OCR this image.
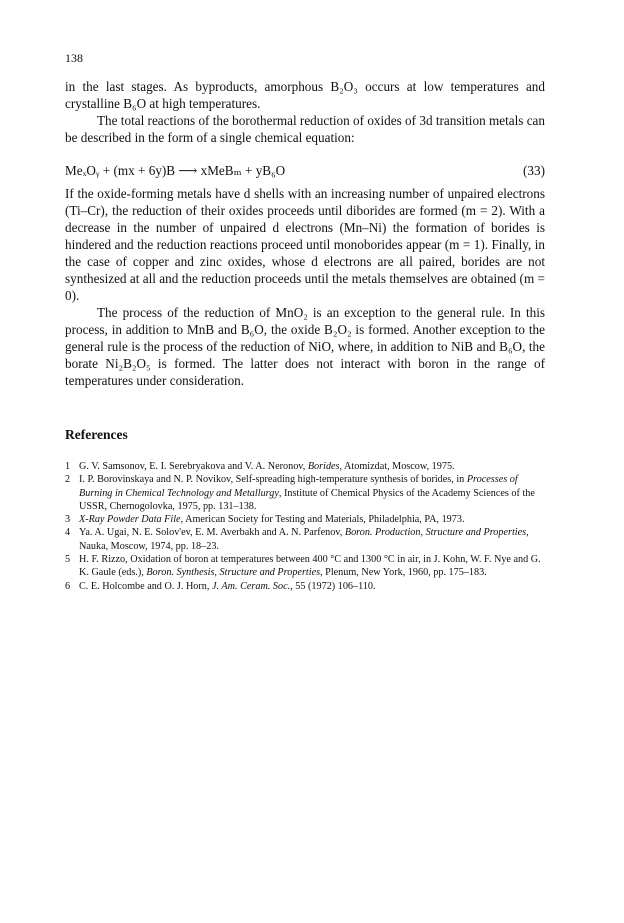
138

in the last stages. As byproducts, amorphous B₂O₃ occurs at low temperatures and crystalline B₆O at high temperatures.

The total reactions of the borothermal reduction of oxides of 3d transition metals can be described in the form of a single chemical equation:

MeₓOᵧ + (mx + 6y)B ⟶ xMeBₘ + yB₆O	(33)

If the oxide-forming metals have d shells with an increasing number of unpaired electrons (Ti–Cr), the reduction of their oxides proceeds until diborides are formed (m = 2). With a decrease in the number of unpaired d electrons (Mn–Ni) the formation of borides is hindered and the reduction reactions proceed until monoborides appear (m = 1). Finally, in the case of copper and zinc oxides, whose d electrons are all paired, borides are not synthesized at all and the reduction proceeds until the metals themselves are obtained (m = 0).

The process of the reduction of MnO₂ is an exception to the general rule. In this process, in addition to MnB and B₆O, the oxide B₂O₂ is formed. Another exception to the general rule is the process of the reduction of NiO, where, in addition to NiB and B₆O, the borate Ni₂B₂O₅ is formed. The latter does not interact with boron in the range of temperatures under consideration.

References
1 G. V. Samsonov, E. I. Serebryakova and V. A. Neronov, Borides, Atomizdat, Moscow, 1975.
2 I. P. Borovinskaya and N. P. Novikov, Self-spreading high-temperature synthesis of borides, in Processes of Burning in Chemical Technology and Metallurgy, Institute of Chemical Physics of the Academy Sciences of the USSR, Chernogolovka, 1975, pp. 131–138.
3 X-Ray Powder Data File, American Society for Testing and Materials, Philadelphia, PA, 1973.
4 Ya. A. Ugai, N. E. Solov'ev, E. M. Averbakh and A. N. Parfenov, Boron. Production, Structure and Properties, Nauka, Moscow, 1974, pp. 18–23.
5 H. F. Rizzo, Oxidation of boron at temperatures between 400 °C and 1300 °C in air, in J. Kohn, W. F. Nye and G. K. Gaule (eds.), Boron. Synthesis, Structure and Properties, Plenum, New York, 1960, pp. 175–183.
6 C. E. Holcombe and O. J. Horn, J. Am. Ceram. Soc., 55 (1972) 106–110.
